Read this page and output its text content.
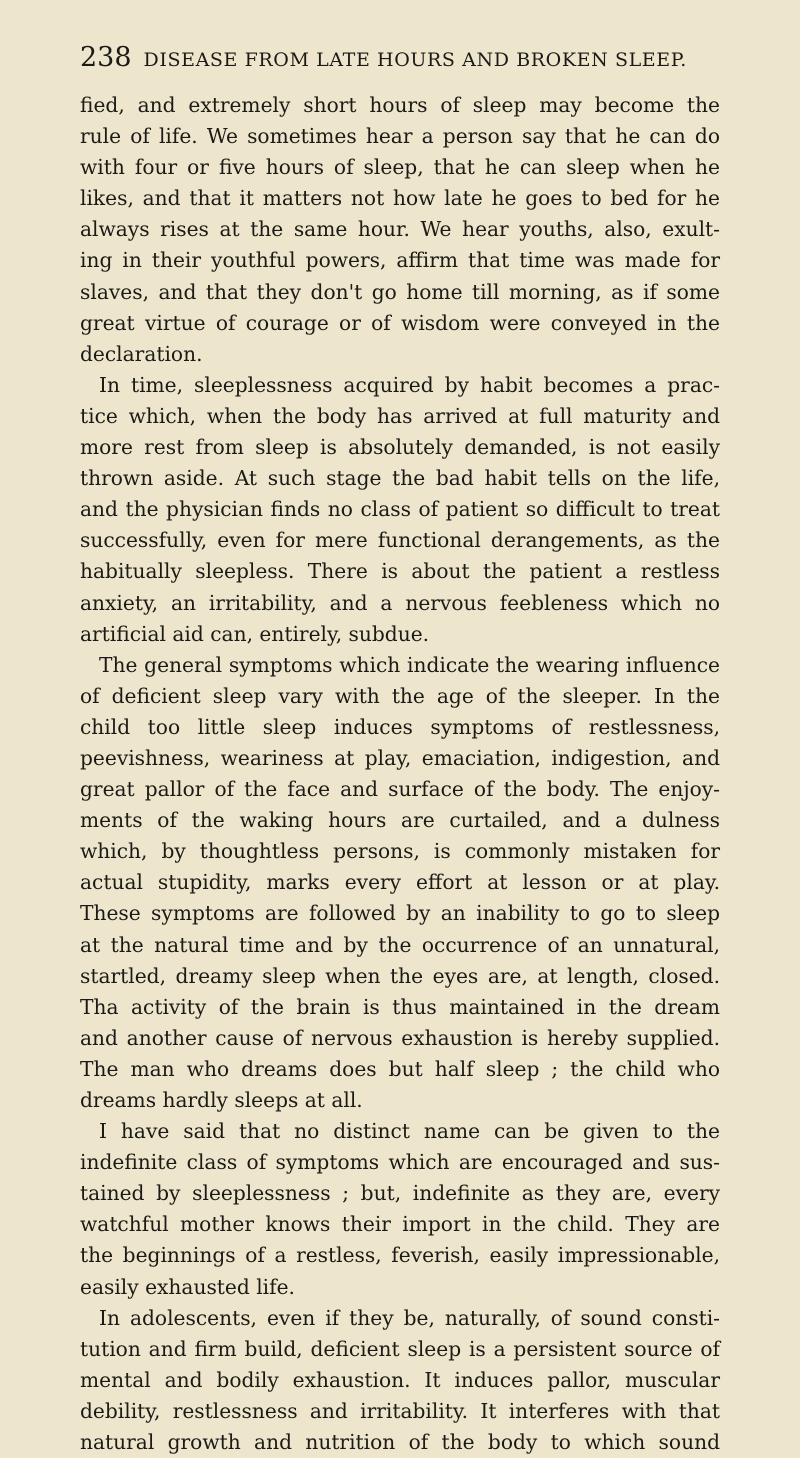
238 DISEASE FROM LATE HOURS AND BROKEN SLEEP.
fied, and extremely short hours of sleep may become the
rule of life. We sometimes hear a person say that he can do
with four or five hours of sleep, that he can sleep when he
likes, and that it matters not how late he goes to bed for he
always rises at the same hour. We hear youths, also, exult-
ing in their youthful powers, affirm that time was made for
slaves, and that they don't go home till morning, as if some
great virtue of courage or of wisdom were conveyed in the
declaration.
In time, sleeplessness acquired by habit becomes a prac-
tice which, when the body has arrived at full maturity and
more rest from sleep is absolutely demanded, is not easily
thrown aside. At such stage the bad habit tells on the life,
and the physician finds no class of patient so difficult to treat
successfully, even for mere functional derangements, as the
habitually sleepless. There is about the patient a restless
anxiety, an irritability, and a nervous feebleness which no
artificial aid can, entirely, subdue.
The general symptoms which indicate the wearing influence
of deficient sleep vary with the age of the sleeper. In the
child too little sleep induces symptoms of restlessness,
peevishness, weariness at play, emaciation, indigestion, and
great pallor of the face and surface of the body. The enjoy-
ments of the waking hours are curtailed, and a dulness
which, by thoughtless persons, is commonly mistaken for
actual stupidity, marks every effort at lesson or at play.
These symptoms are followed by an inability to go to sleep
at the natural time and by the occurrence of an unnatural,
startled, dreamy sleep when the eyes are, at length, closed.
Tha activity of the brain is thus maintained in the dream
and another cause of nervous exhaustion is hereby supplied.
The man who dreams does but half sleep ; the child who
dreams hardly sleeps at all.
I have said that no distinct name can be given to the
indefinite class of symptoms which are encouraged and sus-
tained by sleeplessness ; but, indefinite as they are, every
watchful mother knows their import in the child. They are
the beginnings of a restless, feverish, easily impressionable,
easily exhausted life.
In adolescents, even if they be, naturally, of sound consti-
tution and firm build, deficient sleep is a persistent source of
mental and bodily exhaustion. It induces pallor, muscular
debility, restlessness and irritability. It interferes with that
natural growth and nutrition of the body to which sound
